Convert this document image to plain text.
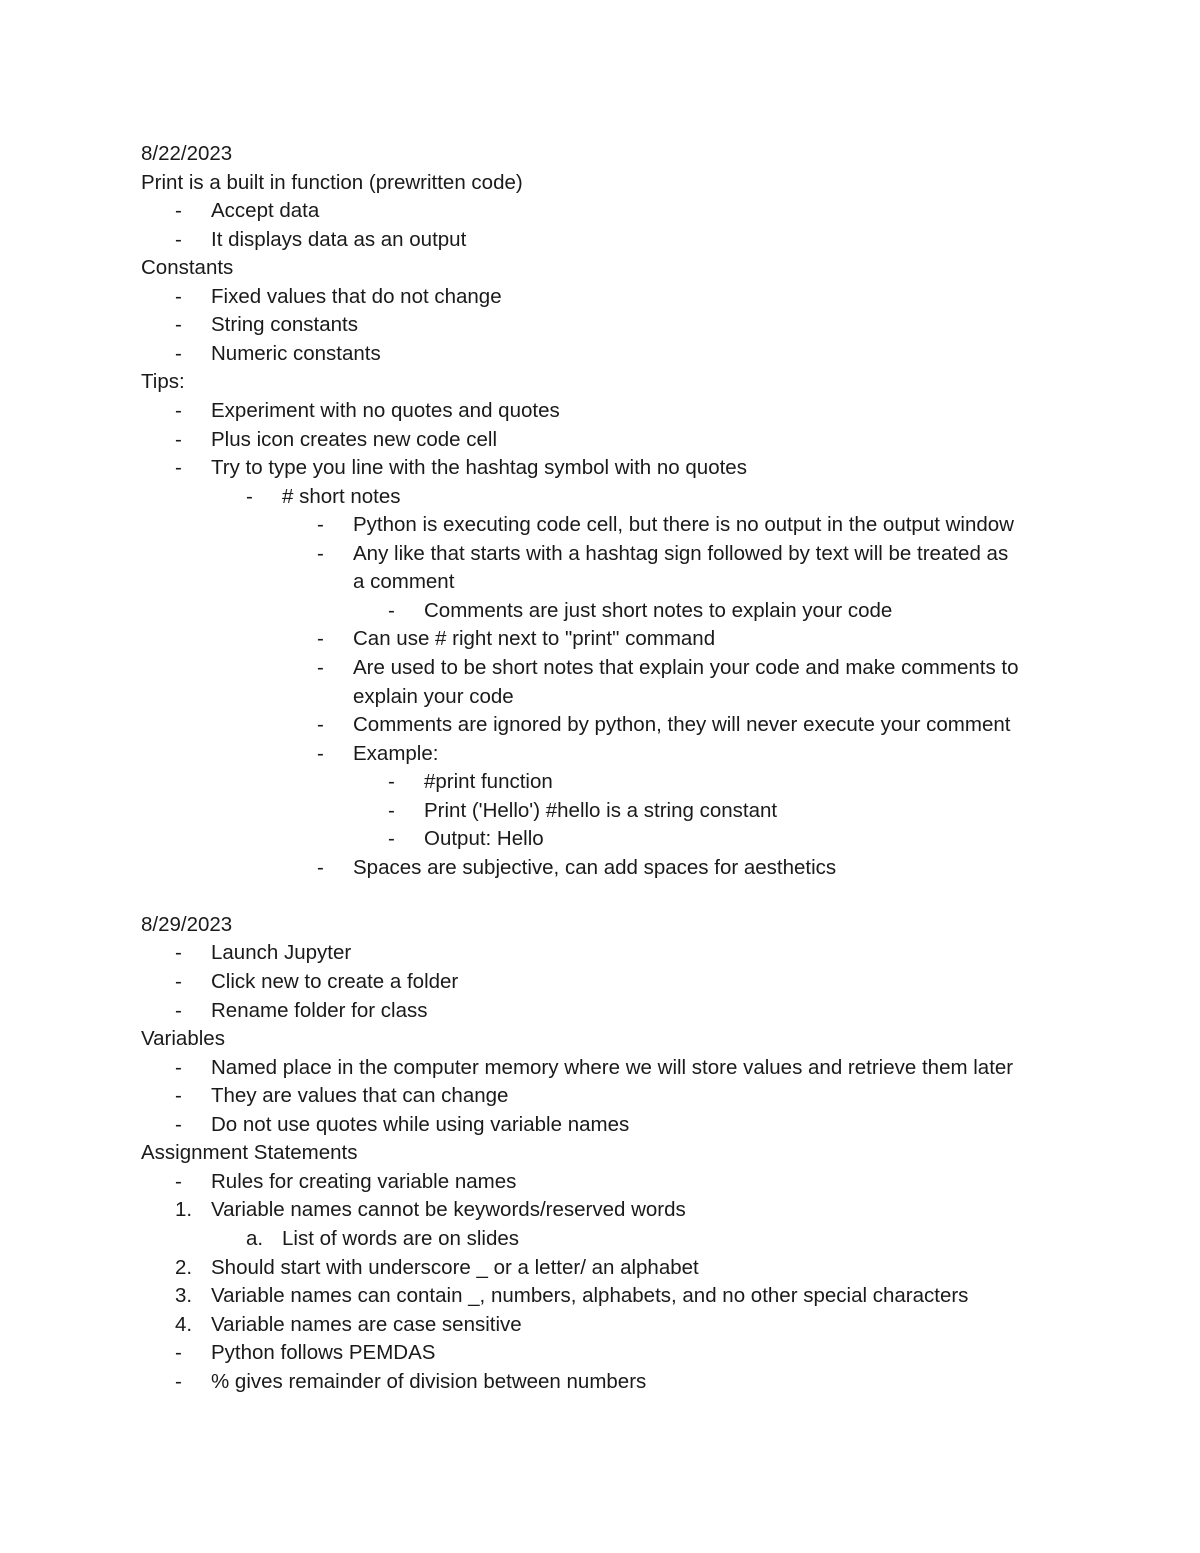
8/22/2023
Print is a built in function (prewritten code)
- Accept data
- It displays data as an output
Constants
- Fixed values that do not change
- String constants
- Numeric constants
Tips:
- Experiment with no quotes and quotes
- Plus icon creates new code cell
- Try to type you line with the hashtag symbol with no quotes
- # short notes
- Python is executing code cell, but there is no output in the output window
- Any like that starts with a hashtag sign followed by text will be treated as
a comment
- Comments are just short notes to explain your code
- Can use # right next to "print" command
- Are used to be short notes that explain your code and make comments to
explain your code
- Comments are ignored by python, they will never execute your comment
- Example:
- #print function
- Print ('Hello') #hello is a string constant
- Output: Hello
- Spaces are subjective, can add spaces for aesthetics
8/29/2023
- Launch Jupyter
- Click new to create a folder
- Rename folder for class
Variables
- Named place in the computer memory where we will store values and retrieve them later
- They are values that can change
- Do not use quotes while using variable names
Assignment Statements
- Rules for creating variable names
1. Variable names cannot be keywords/reserved words
a. List of words are on slides
2. Should start with underscore _ or a letter/ an alphabet
3. Variable names can contain _, numbers, alphabets, and no other special characters
4. Variable names are case sensitive
- Python follows PEMDAS
- % gives remainder of division between numbers
